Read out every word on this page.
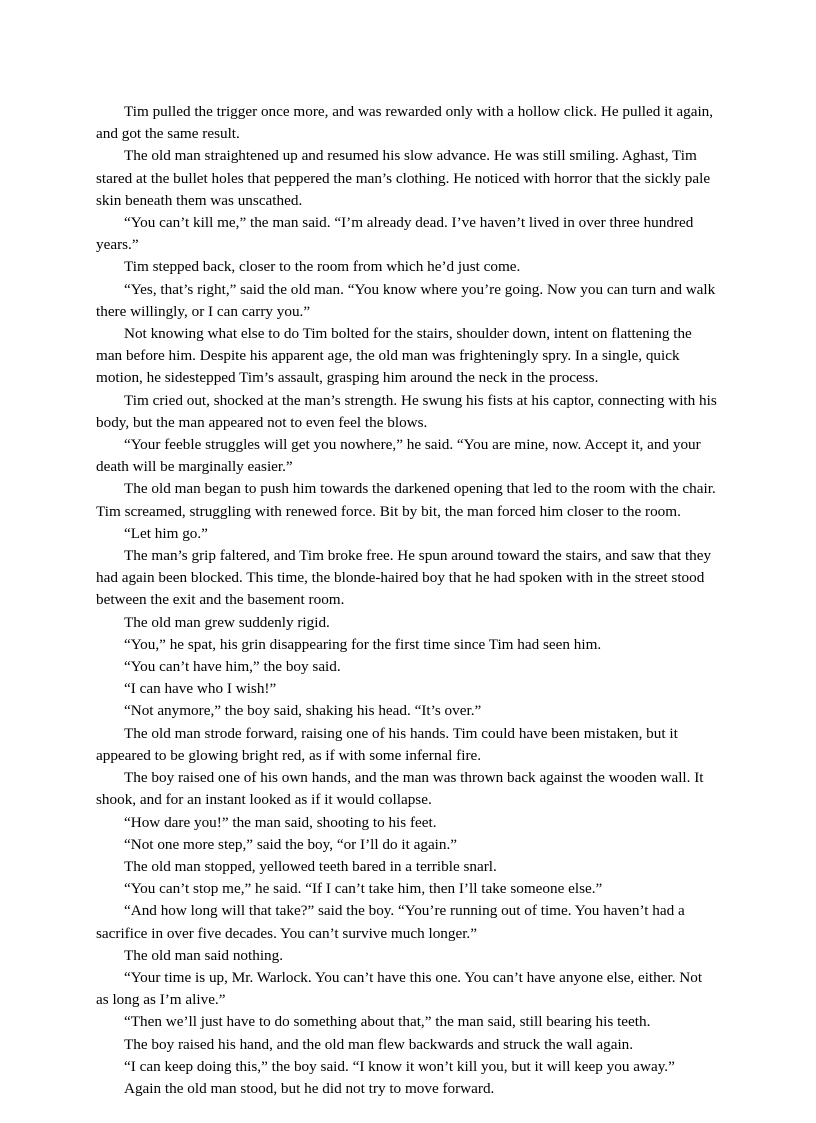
Tim pulled the trigger once more, and was rewarded only with a hollow click. He pulled it again, and got the same result.

The old man straightened up and resumed his slow advance. He was still smiling. Aghast, Tim stared at the bullet holes that peppered the man’s clothing. He noticed with horror that the sickly pale skin beneath them was unscathed.

“You can’t kill me,” the man said. “I’m already dead. I’ve haven’t lived in over three hundred years.”

Tim stepped back, closer to the room from which he’d just come.

“Yes, that’s right,” said the old man. “You know where you’re going. Now you can turn and walk there willingly, or I can carry you.”

Not knowing what else to do Tim bolted for the stairs, shoulder down, intent on flattening the man before him. Despite his apparent age, the old man was frighteningly spry. In a single, quick motion, he sidestepped Tim’s assault, grasping him around the neck in the process.

Tim cried out, shocked at the man’s strength. He swung his fists at his captor, connecting with his body, but the man appeared not to even feel the blows.

“Your feeble struggles will get you nowhere,” he said. “You are mine, now. Accept it, and your death will be marginally easier.”

The old man began to push him towards the darkened opening that led to the room with the chair. Tim screamed, struggling with renewed force. Bit by bit, the man forced him closer to the room.

“Let him go.”

The man’s grip faltered, and Tim broke free. He spun around toward the stairs, and saw that they had again been blocked. This time, the blonde-haired boy that he had spoken with in the street stood between the exit and the basement room.

The old man grew suddenly rigid.

“You,” he spat, his grin disappearing for the first time since Tim had seen him.

“You can’t have him,” the boy said.

“I can have who I wish!”

“Not anymore,” the boy said, shaking his head. “It’s over.”

The old man strode forward, raising one of his hands. Tim could have been mistaken, but it appeared to be glowing bright red, as if with some infernal fire.

The boy raised one of his own hands, and the man was thrown back against the wooden wall. It shook, and for an instant looked as if it would collapse.

“How dare you!” the man said, shooting to his feet.

“Not one more step,” said the boy, “or I’ll do it again.”

The old man stopped, yellowed teeth bared in a terrible snarl.

“You can’t stop me,” he said. “If I can’t take him, then I’ll take someone else.”

“And how long will that take?” said the boy. “You’re running out of time. You haven’t had a sacrifice in over five decades. You can’t survive much longer.”

The old man said nothing.

“Your time is up, Mr. Warlock. You can’t have this one. You can’t have anyone else, either. Not as long as I’m alive.”

“Then we’ll just have to do something about that,” the man said, still bearing his teeth.

The boy raised his hand, and the old man flew backwards and struck the wall again.

“I can keep doing this,” the boy said. “I know it won’t kill you, but it will keep you away.”

Again the old man stood, but he did not try to move forward.
